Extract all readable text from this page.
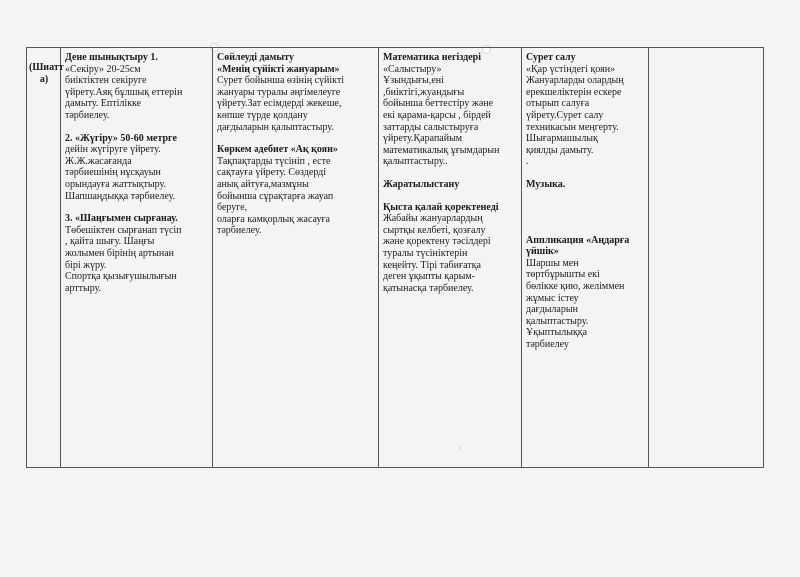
·
(Шиатт а)

Дене шынықтыру 1.

«Секіру» 20-25см

биіктіктен секіруге

үйрету.Аяқ бұлшық еттерін

дамыту. Ептілікке

тәрбиелеу.

2. «Жүгіру» 50-60 метрге

дейін жүгіруге үйрету.

Ж.Ж.жасағанда

тәрбиешінің нұсқауын

орындауға жаттықтыру.

Шапшаңдыққа тәрбиелеу.

3. «Шаңғымен сырғанау.

Төбешіктен сырғанап түсіп

, қайта шығу. Шаңғы

жолымен бірінің артынан

бірі жүру.

Спортқа қызығушылығын

арттыру.

Сөйлеуді дамыту

«Менің сүйікті жануарым»

Сурет бойынша өзінің сүйікті

жануары туралы әңгімелеуге

үйрету.Зат есімдерді жекеше,

көпше түрде қолдану

дағдыларын қалыптастыру.

Көркем әдебиет «Ақ қоян»

Тақпақтарды түсініп , есте

сақтауға үйрету. Сөздерді

анық айтуға,мазмұны

бойынша сұрақтарға жауап

беруге,

оларға камқорлық жасауға

тәрбиелеу.

Математика негіздері

«Салыстыру»

Ұзындығы,ені

,биіктігі,жуандығы

бойынша беттестіру және

екі қарама-қарсы , бірдей

заттарды салыстыруға

үйрету.Қарапайым

математикалық ұғымдарын

қалыптастыру..

Жаратылыстану

Қыста қалай қоректенеді

Жабайы жануарлардың

сыртқы келбеті, қозғалу

және қоректену тәсілдері

туралы түсініктерін

кеңейту. Тірі табиғатқа

деген ұқыпты қарым-

қатынасқа тәрбиелеу.

Сурет салу

«Қар үстіндегі қоян»

Жануарларды олардың

ерекшеліктерін ескере

отырып салуға

үйрету.Сурет салу

техникасын меңгерту.

Шығармашылық

қиялды дамыту.

.

Музыка.

Аппликация «Аңдарға

үйшік»

Шаршы мен

төртбұрышты екі

бөлікке қию, желіммен

жұмыс істеу

дағдыларын

қалыптастыру.

Ұқыптылыққа

тәрбиелеу
